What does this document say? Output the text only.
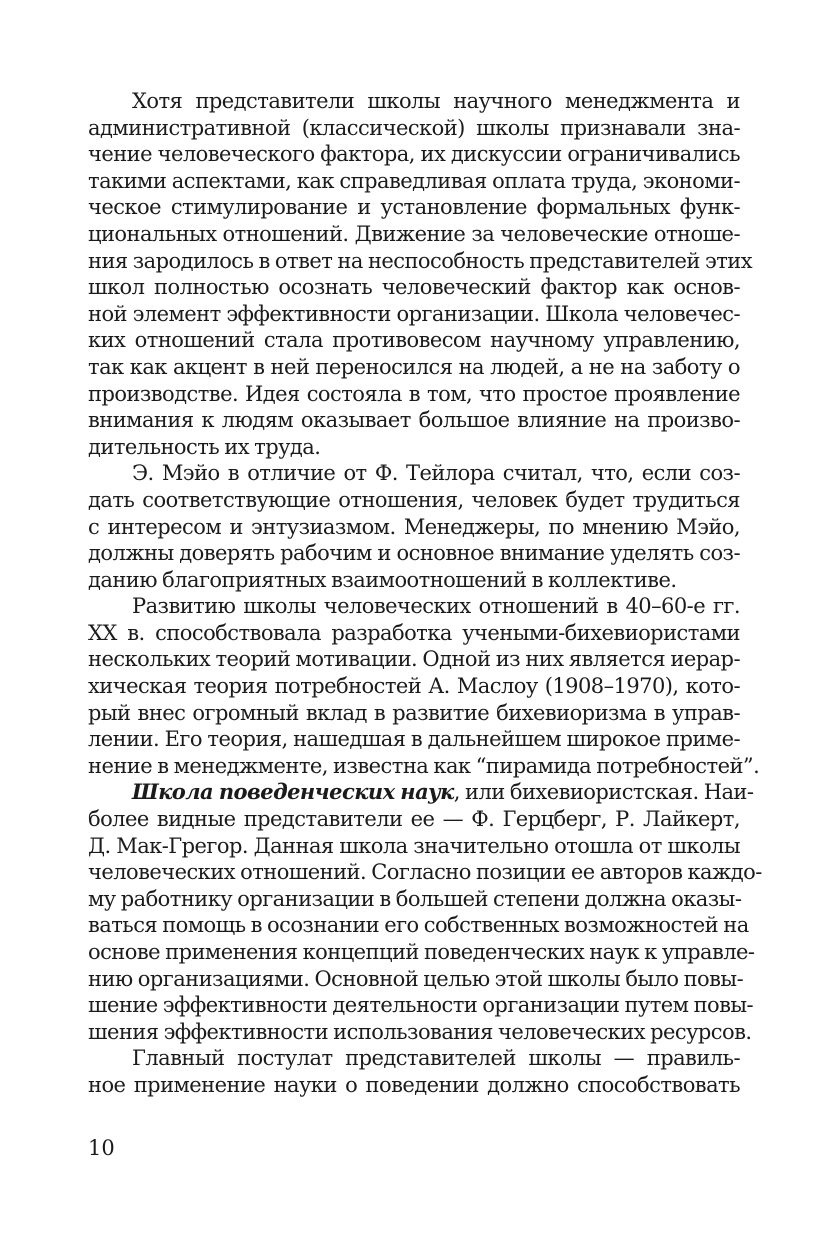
Хотя представители школы научного менеджмента и
административной (классической) школы признавали зна-
чение человеческого фактора, их дискуссии ограничивались
такими аспектами, как справедливая оплата труда, экономи-
ческое стимулирование и установление формальных функ-
циональных отношений. Движение за человеческие отноше-
ния зародилось в ответ на неспособность представителей этих
школ полностью осознать человеческий фактор как основ-
ной элемент эффективности организации. Школа человечес-
ких отношений стала противовесом научному управлению,
так как акцент в ней переносился на людей, а не на заботу о
производстве. Идея состояла в том, что простое проявление
внимания к людям оказывает большое влияние на произво-
дительность их труда.
Э. Мэйо в отличие от Ф. Тейлора считал, что, если соз-
дать соответствующие отношения, человек будет трудиться
с интересом и энтузиазмом. Менеджеры, по мнению Мэйо,
должны доверять рабочим и основное внимание уделять соз-
данию благоприятных взаимоотношений в коллективе.
Развитию школы человеческих отношений в 40–60-е гг.
XX в. способствовала разработка учеными-бихевиористами
нескольких теорий мотивации. Одной из них является иерар-
хическая теория потребностей А. Маслоу (1908–1970), кото-
рый внес огромный вклад в развитие бихевиоризма в управ-
лении. Его теория, нашедшая в дальнейшем широкое приме-
нение в менеджменте, известна как “пирамида потребностей”.
Школа поведенческих наук, или бихевиористская. Наи-
более видные представители ее — Ф. Герцберг, Р. Лайкерт,
Д. Мак-Грегор. Данная школа значительно отошла от школы
человеческих отношений. Согласно позиции ее авторов каждо-
му работнику организации в большей степени должна оказы-
ваться помощь в осознании его собственных возможностей на
основе применения концепций поведенческих наук к управле-
нию организациями. Основной целью этой школы было повы-
шение эффективности деятельности организации путем повы-
шения эффективности использования человеческих ресурсов.
Главный постулат представителей школы — правиль-
ное применение науки о поведении должно способствовать
10
